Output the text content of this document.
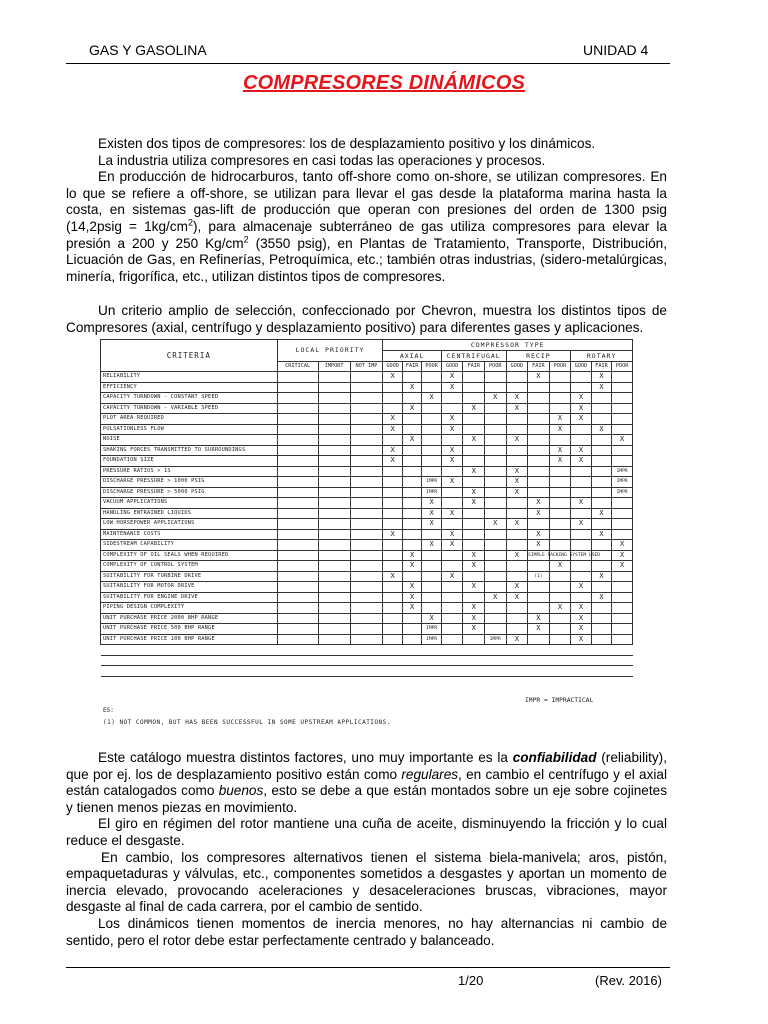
GAS Y GASOLINA	UNIDAD 4
COMPRESORES DINÁMICOS

Existen dos tipos de compresores: los de desplazamiento positivo y los dinámicos.

La industria utiliza compresores en casi todas las operaciones y procesos.

En producción de hidrocarburos, tanto off-shore como on-shore, se utilizan compresores. En lo que se refiere a off-shore, se utilizan para llevar el gas desde la plataforma marina hasta la costa, en sistemas gas-lift de producción que operan con presiones del orden de 1300 psig (14,2psig = $1kg/cm^2$), para almacenaje subterráneo de gas utiliza compresores para elevar la presión a 200 y 250 $Kg/cm^2$ (3550 psig), en Plantas de Tratamiento, Transporte, Distribución, Licuación de Gas, en Refinerías, Petroquímica, etc.; también otras industrias, (sidero-metalúrgicas, minería, frigorífica, etc., utilizan distintos tipos de compresores.

Un criterio amplio de selección, confeccionado por Chevron, muestra los distintos tipos de Compresores (axial, centrífugo y desplazamiento positivo) para diferentes gases y aplicaciones.

CRITERIA	LOCAL PRIORITY			COMPRESSOR TYPE											
				AXIAL			CENTRIFUGAL			RECIP			ROTARY		
	CRITICAL	IMPORT	NOT IMP	GOOD	FAIR	POOR	GOOD	FAIR	POOR	GOOD	FAIR	POOR	GOOD	FAIR	POOR
RELIABILITY				X			X				X			X	
EFFICIENCY					X		X							X	
CAPACITY TURNDOWN - CONSTANT SPEED						X			X	X			X		
CAPACITY TURNDOWN - VARIABLE SPEED					X			X		X			X		
PLOT AREA REQUIRED				X			X					X	X		
PULSATIONLESS FLOW				X			X					X		X	
NOISE					X			X		X					X
SHAKING FORCES TRANSMITTED TO SURROUNDINGS				X			X					X	X		
FOUNDATION SIZE				X			X					X	X		
PRESSURE RATIOS > 1S								X		X					IMPR
DISCHARGE PRESSURE > 1000 PSIG						IMPR	X			X					IMPR
DISCHARGE PRESSURE > 5000 PSIG						IMPR		X		X					IMPR
VACUUM APPLICATIONS						X		X			X		X		
HANDLING ENTRAINED LIQUIDS						X	X				X			X	
LOW HORSEPOWER APPLICATIONS						X			X	X			X		
MAINTENANCE COSTS				X			X				X			X	
SIDESTREAM CAPABILITY						X	X				X				X
COMPLEXITY OF OIL SEALS WHEN REQUIRED					X			X		X	SIMPLE PACKING SYSTEM USED				X
COMPLEXITY OF CONTROL SYSTEM					X			X				X			X
SUITABILITY FOR TURBINE DRIVE				X			X				(1)			X	
SUITABILITY FOR MOTOR DRIVE					X			X		X			X		
SUITABILITY FOR ENGINE DRIVE					X				X	X				X	
PIPING DESIGN COMPLEXITY					X			X				X	X		
UNIT PURCHASE PRICE 2000 BHP RANGE						X		X			X		X		
UNIT PURCHASE PRICE 500 BHP RANGE						IMPR		X			X		X		
UNIT PURCHASE PRICE 100 BHP RANGE						IMPR			IMPR	X			X		

IMPR = IMPRACTICAL
ES:
(1) NOT COMMON, BUT HAS BEEN SUCCESSFUL IN SOME UPSTREAM APPLICATIONS.

Este catálogo muestra distintos factores, uno muy importante es la confiabilidad (reliability), que por ej. los de desplazamiento positivo están como regulares, en cambio el centrífugo y el axial están catalogados como buenos, esto se debe a que están montados sobre un eje sobre cojinetes y tienen menos piezas en movimiento.

El giro en régimen del rotor mantiene una cuña de aceite, disminuyendo la fricción y lo cual reduce el desgaste.

En cambio, los compresores alternativos tienen el sistema biela-manivela; aros, pistón, empaquetaduras y válvulas, etc., componentes sometidos a desgastes y aportan un momento de inercia elevado, provocando aceleraciones y desaceleraciones bruscas, vibraciones, mayor desgaste al final de cada carrera, por el cambio de sentido.

Los dinámicos tienen momentos de inercia menores, no hay alternancias ni cambio de sentido, pero el rotor debe estar perfectamente centrado y balanceado.

1/20	(Rev. 2016)
